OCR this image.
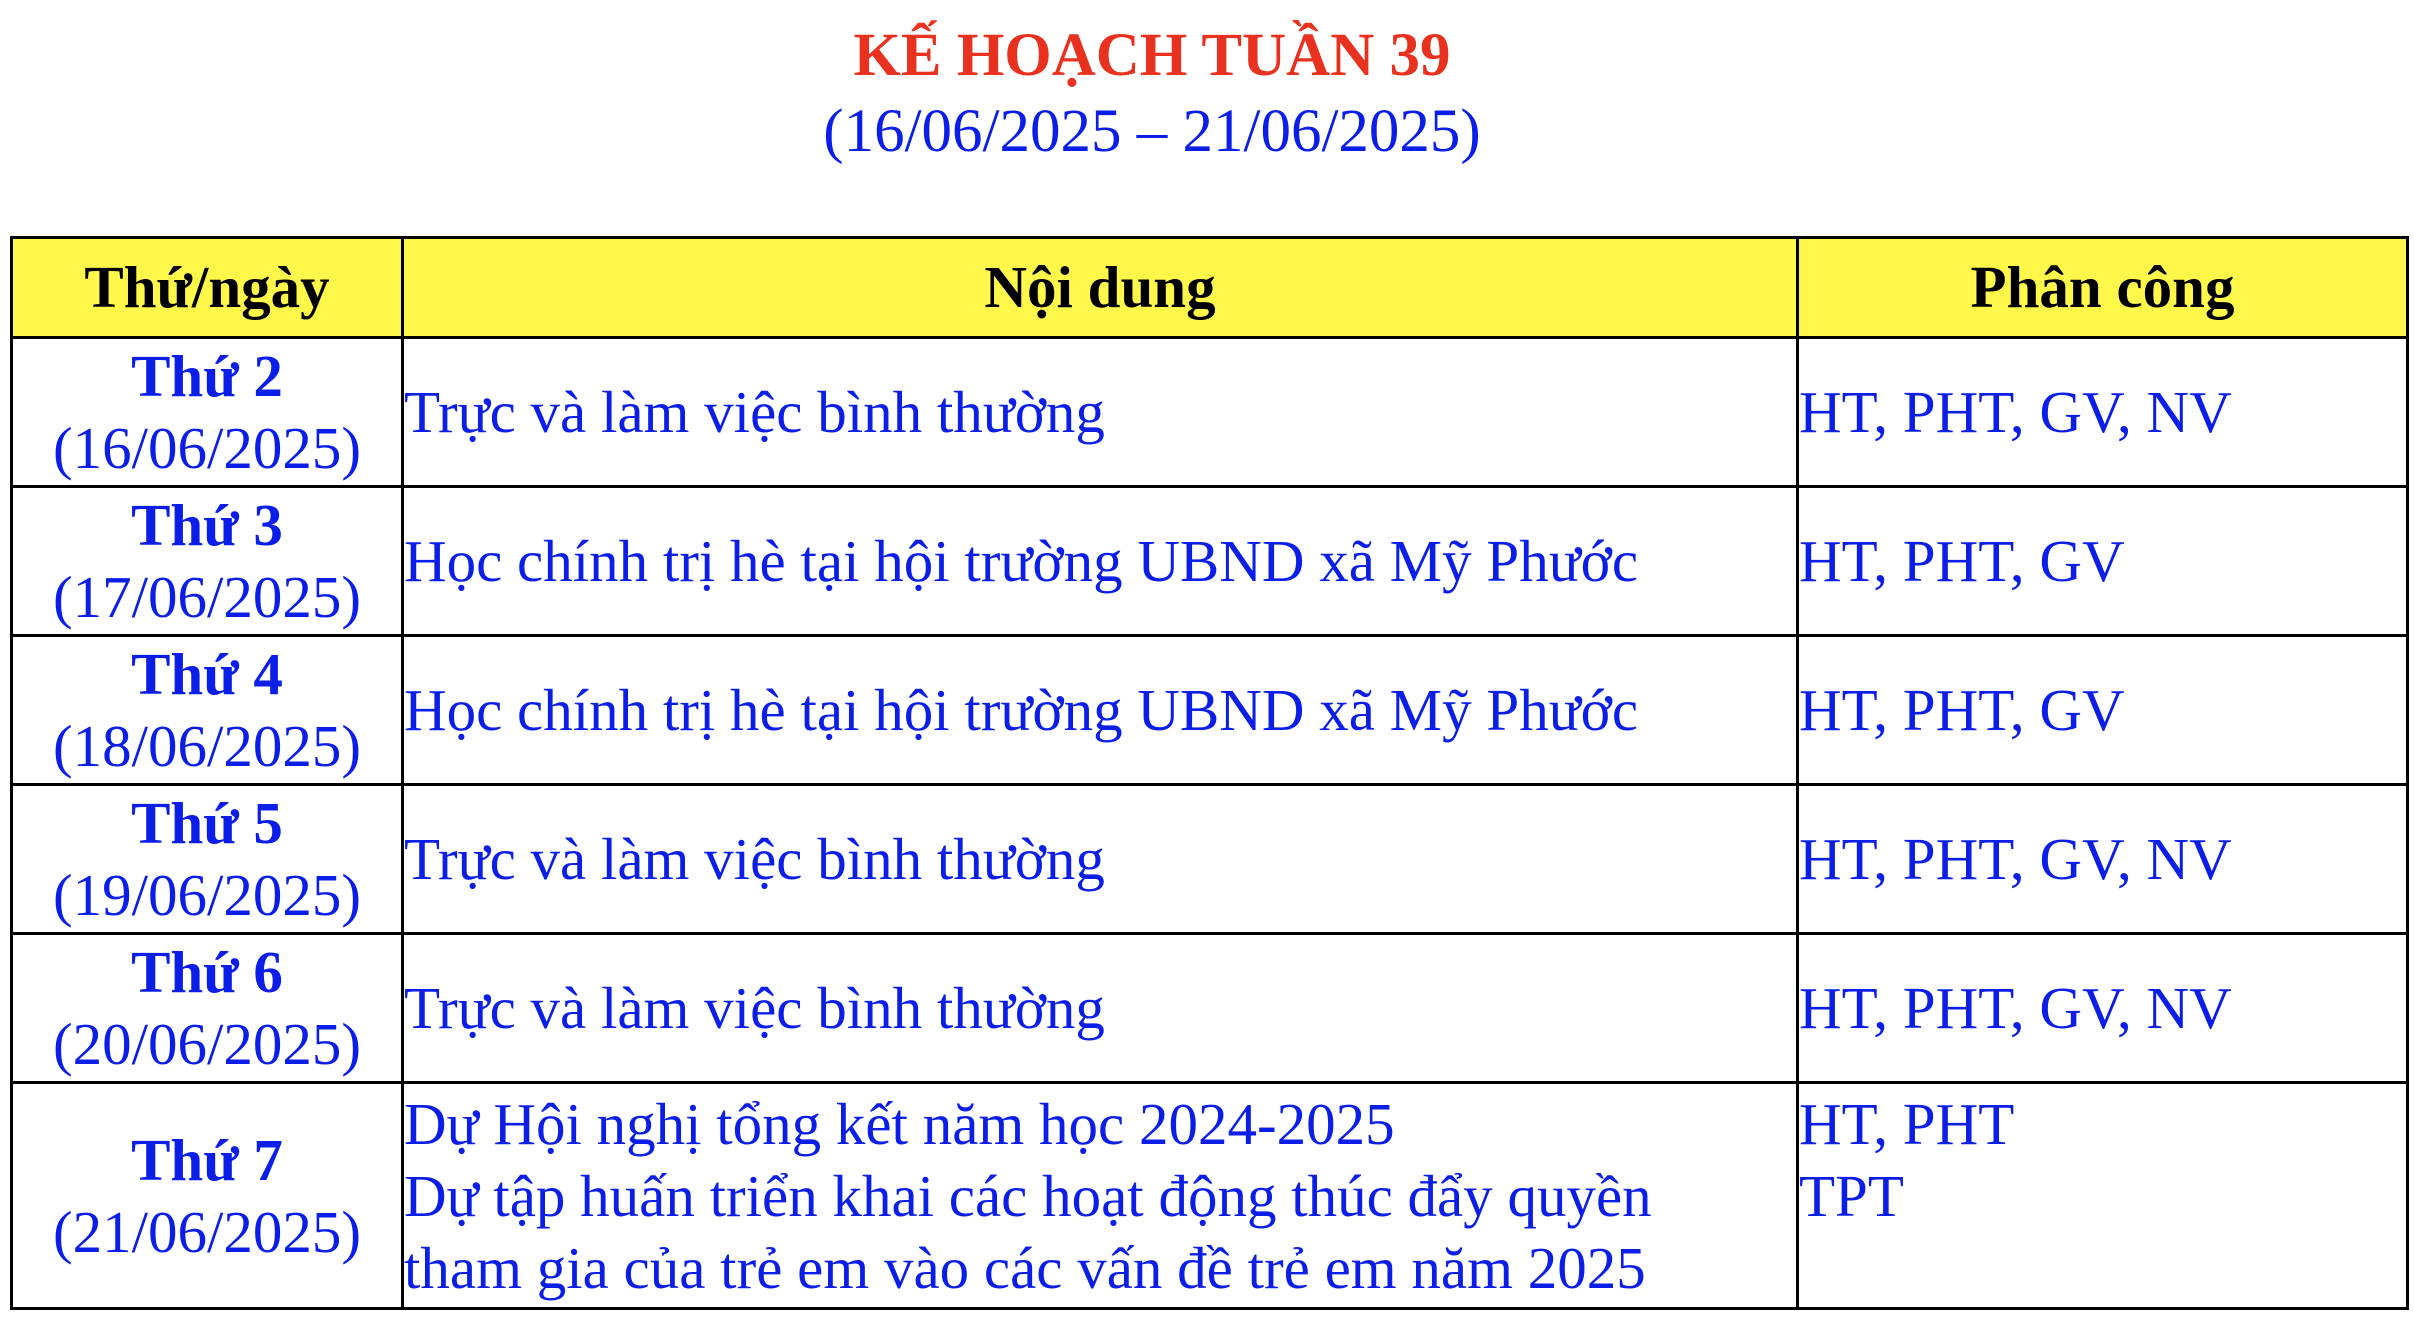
KẾ HOẠCH TUẦN 39
(16/06/2025 – 21/06/2025)
Thứ/ngày	Nội dung	Phân công

Thứ 2
(16/06/2025)	Trực và làm việc bình thường	HT, PHT, GV, NV

Thứ 3
(17/06/2025)	Học chính trị hè tại hội trường UBND xã Mỹ Phước	HT, PHT, GV

Thứ 4
(18/06/2025)	Học chính trị hè tại hội trường UBND xã Mỹ Phước	HT, PHT, GV

Thứ 5
(19/06/2025)	Trực và làm việc bình thường	HT, PHT, GV, NV

Thứ 6
(20/06/2025)	Trực và làm việc bình thường	HT, PHT, GV, NV

Thứ 7
(21/06/2025)	Dự Hội nghị tổng kết năm học 2024-2025
Dự tập huấn triển khai các hoạt động thúc đẩy quyền
tham gia của trẻ em vào các vấn đề trẻ em năm 2025	HT, PHT
TPT
